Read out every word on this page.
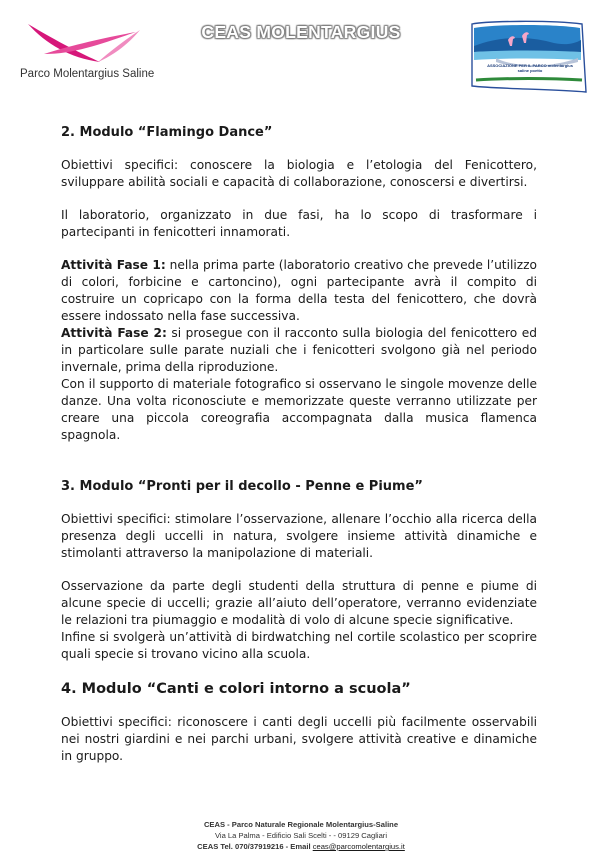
Parco Molentargius Saline
CEAS MOLENTARGIUS
ASSOCIAZIONE PER IL PARCO molentargius saline poetto
2. Modulo “Flamingo Dance”

Obiettivi specifici: conoscere la biologia e l’etologia del Fenicottero, sviluppare abilità sociali e capacità di collaborazione, conoscersi e divertirsi.

Il laboratorio, organizzato in due fasi, ha lo scopo di trasformare i partecipanti in fenicotteri innamorati.

Attività Fase 1: nella prima parte (laboratorio creativo che prevede l’utilizzo di colori, forbicine e cartoncino), ogni partecipante avrà il compito di costruire un copricapo con la forma della testa del fenicottero, che dovrà essere indossato nella fase successiva.

Attività Fase 2: si prosegue con il racconto sulla biologia del fenicottero ed in particolare sulle parate nuziali che i fenicotteri svolgono già nel periodo invernale, prima della riproduzione.

Con il supporto di materiale fotografico si osservano le singole movenze delle danze. Una volta riconosciute e memorizzate queste verranno utilizzate per creare una piccola coreografia accompagnata dalla musica flamenca spagnola.

3. Modulo “Pronti per il decollo - Penne e Piume”

Obiettivi specifici: stimolare l’osservazione, allenare l’occhio alla ricerca della presenza degli uccelli in natura, svolgere insieme attività dinamiche e stimolanti attraverso la manipolazione di materiali.

Osservazione da parte degli studenti della struttura di penne e piume di alcune specie di uccelli; grazie all’aiuto dell’operatore, verranno evidenziate le relazioni tra piumaggio e modalità di volo di alcune specie significative.

Infine si svolgerà un’attività di birdwatching nel cortile scolastico per scoprire quali specie si trovano vicino alla scuola.

4. Modulo “Canti e colori intorno a scuola”

Obiettivi specifici: riconoscere i canti degli uccelli più facilmente osservabili nei nostri giardini e nei parchi urbani, svolgere attività creative e dinamiche in gruppo.

CEAS - Parco Naturale Regionale Molentargius-Saline
Via La Palma - Edificio Sali Scelti - - 09129 Cagliari
CEAS Tel. 070/37919216 - Email ceas@parcomolentargius.it
